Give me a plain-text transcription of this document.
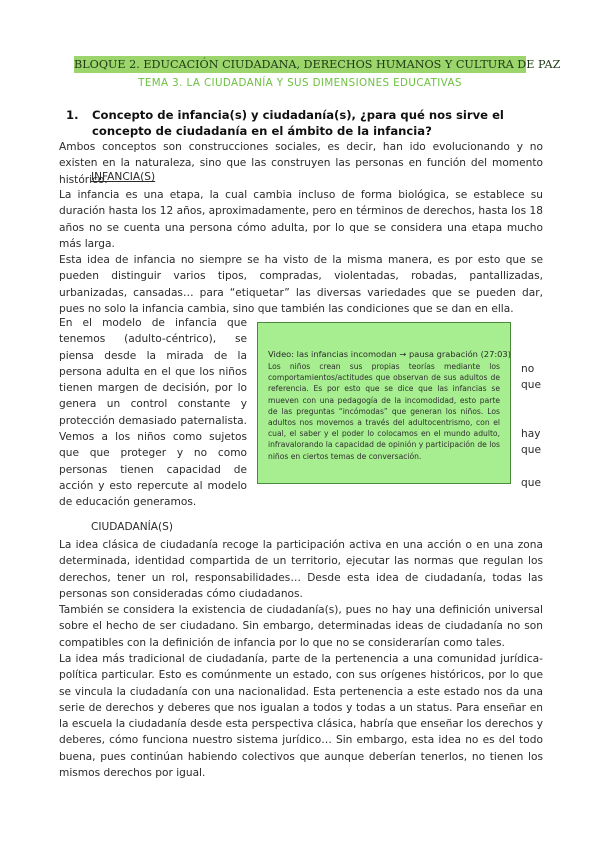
BLOQUE 2. EDUCACIÓN CIUDADANA, DERECHOS HUMANOS Y CULTURA DE PAZ
TEMA 3. LA CIUDADANÍA Y SUS DIMENSIONES EDUCATIVAS
1. Concepto de infancia(s) y ciudadanía(s), ¿para qué nos sirve el concepto de ciudadanía en el ámbito de la infancia?

Ambos conceptos son construcciones sociales, es decir, han ido evolucionando y no existen en la naturaleza, sino que las construyen las personas en función del momento histórico.

INFANCIA(S)

La infancia es una etapa, la cual cambia incluso de forma biológica, se establece su duración hasta los 12 años, aproximadamente, pero en términos de derechos, hasta los 18 años no se cuenta una persona cómo adulta, por lo que se considera una etapa mucho más larga.

Esta idea de infancia no siempre se ha visto de la misma manera, es por esto que se pueden distinguir varios tipos, compradas, violentadas, robadas, pantallizadas, urbanizadas, cansadas… para “etiquetar” las diversas variedades que se pueden dar, pues no solo la infancia cambia, sino que también las condiciones que se dan en ella.

En el modelo de infancia que tenemos (adulto-céntrico), se piensa desde la mirada de la persona adulta en el que los niños tienen margen de decisión, por lo genera un control constante y protección demasiado paternalista. Vemos a los niños como sujetos que que proteger y no como personas tienen capacidad de acción y esto repercute al modelo de educación generamos.
no
que
hay
que
que
Video: las infancias incomodan → pausa grabación (27:03)
Los niños crean sus propias teorías mediante los comportamientos/actitudes que observan de sus adultos de referencia. Es por esto que se dice que las infancias se mueven con una pedagogía de la incomodidad, esto parte de las preguntas “incómodas” que generan los niños. Los adultos nos movemos a través del adultocentrismo, con el cual, el saber y el poder lo colocamos en el mundo adulto, infravalorando la capacidad de opinión y participación de los niños en ciertos temas de conversación.
CIUDADANÍA(S)

La idea clásica de ciudadanía recoge la participación activa en una acción o en una zona determinada, identidad compartida de un territorio, ejecutar las normas que regulan los derechos, tener un rol, responsabilidades… Desde esta idea de ciudadanía, todas las personas son consideradas cómo ciudadanos.

También se considera la existencia de ciudadanía(s), pues no hay una definición universal sobre el hecho de ser ciudadano. Sin embargo, determinadas ideas de ciudadanía no son compatibles con la definición de infancia por lo que no se considerarían como tales.

La idea más tradicional de ciudadanía, parte de la pertenencia a una comunidad jurídica-política particular. Esto es comúnmente un estado, con sus orígenes históricos, por lo que se vincula la ciudadanía con una nacionalidad. Esta pertenencia a este estado nos da una serie de derechos y deberes que nos igualan a todos y todas a un status. Para enseñar en la escuela la ciudadanía desde esta perspectiva clásica, habría que enseñar los derechos y deberes, cómo funciona nuestro sistema jurídico… Sin embargo, esta idea no es del todo buena, pues continúan habiendo colectivos que aunque deberían tenerlos, no tienen los mismos derechos por igual.
